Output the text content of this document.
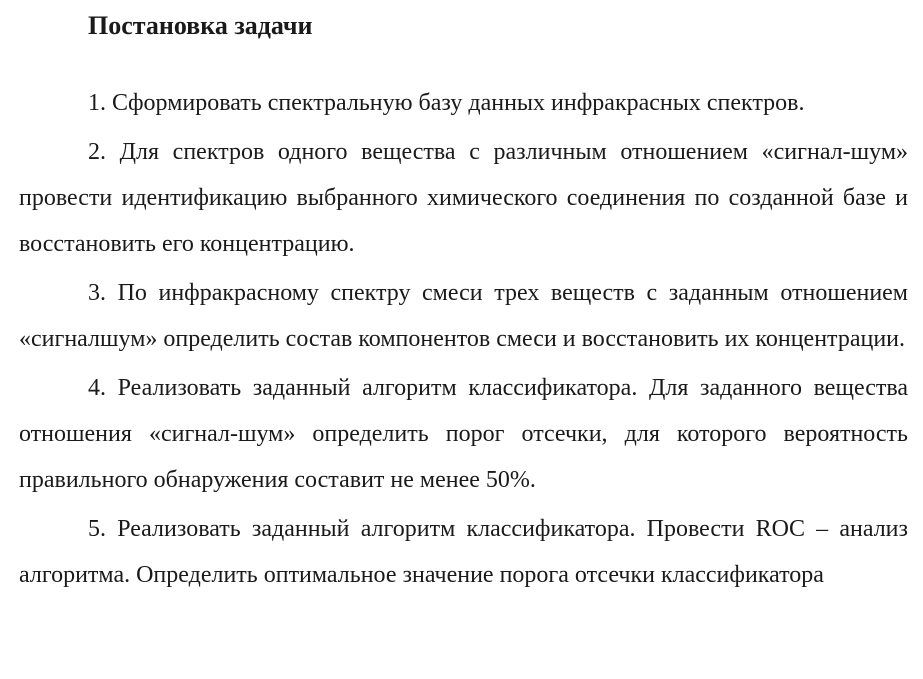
Постановка задачи
1. Сформировать спектральную базу данных инфракрасных спектров.
2. Для спектров одного вещества с различным отношением «сигнал-шум» провести идентификацию выбранного химического соединения по созданной базе и восстановить его концентрацию.
3. По инфракрасному спектру смеси трех веществ с заданным отношением «сигналшум» определить состав компонентов смеси и восстановить их концентрации.
4. Реализовать заданный алгоритм классификатора. Для заданного вещества отношения «сигнал-шум» определить порог отсечки, для которого вероятность правильного обнаружения составит не менее 50%.
5. Реализовать заданный алгоритм классификатора. Провести ROC – анализ алгоритма. Определить оптимальное значение порога отсечки классификатора
